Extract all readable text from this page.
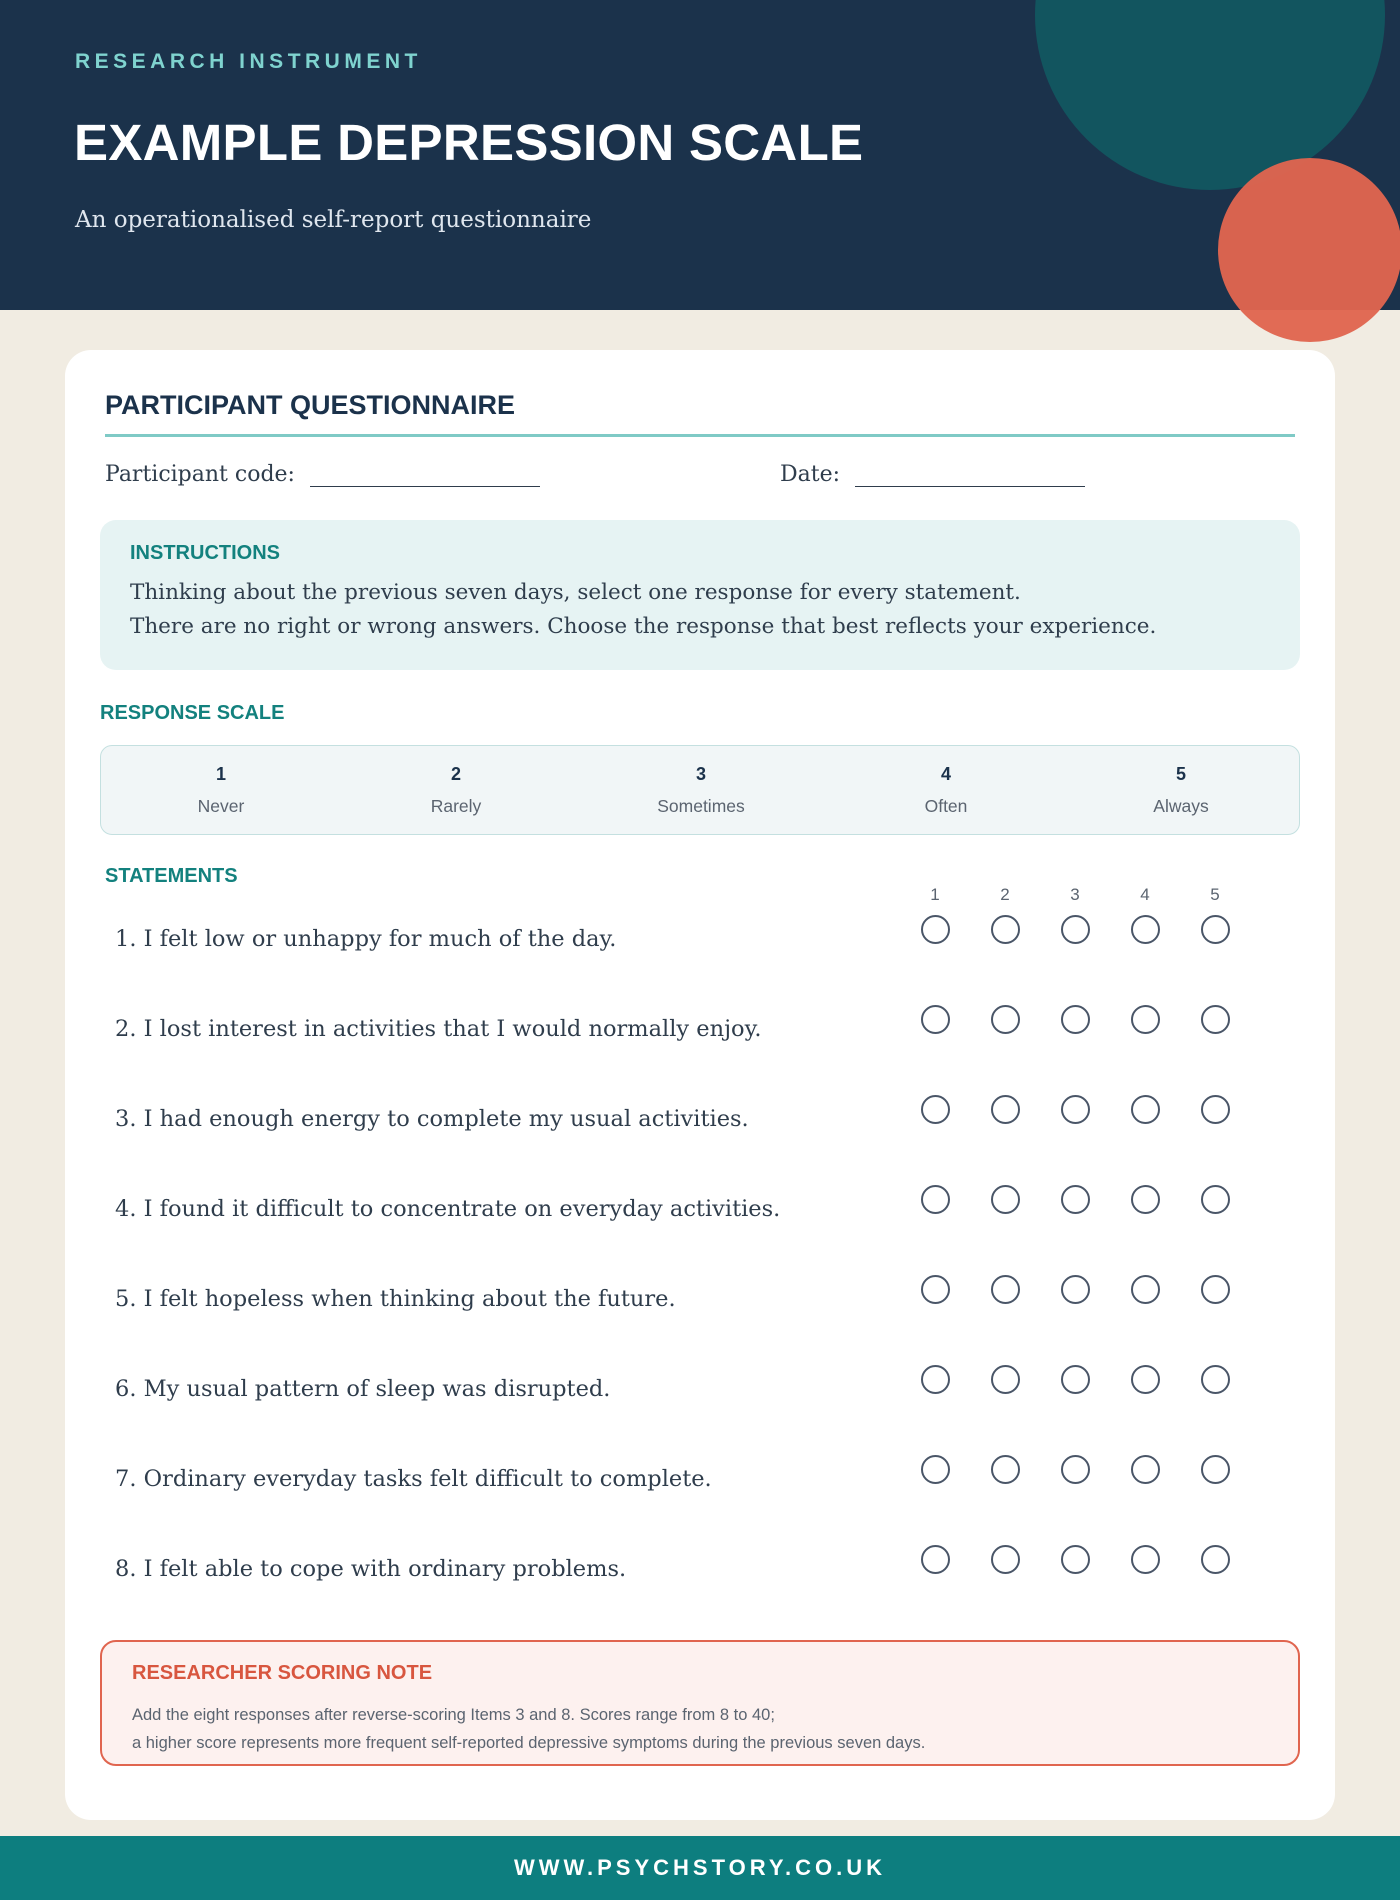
RESEARCH INSTRUMENT
EXAMPLE DEPRESSION SCALE
An operationalised self-report questionnaire
PARTICIPANT QUESTIONNAIRE
Participant code:	Date:
INSTRUCTIONS
Thinking about the previous seven days, select one response for every statement.
There are no right or wrong answers. Choose the response that best reflects your experience.
RESPONSE SCALE
1
Never
2
Rarely
3
Sometimes
4
Often
5
Always
STATEMENTS
1	2	3	4	5
1. I felt low or unhappy for much of the day.
2. I lost interest in activities that I would normally enjoy.
3. I had enough energy to complete my usual activities.
4. I found it difficult to concentrate on everyday activities.
5. I felt hopeless when thinking about the future.
6. My usual pattern of sleep was disrupted.
7. Ordinary everyday tasks felt difficult to complete.
8. I felt able to cope with ordinary problems.
RESEARCHER SCORING NOTE
Add the eight responses after reverse-scoring Items 3 and 8. Scores range from 8 to 40;
a higher score represents more frequent self-reported depressive symptoms during the previous seven days.
WWW.PSYCHSTORY.CO.UK
